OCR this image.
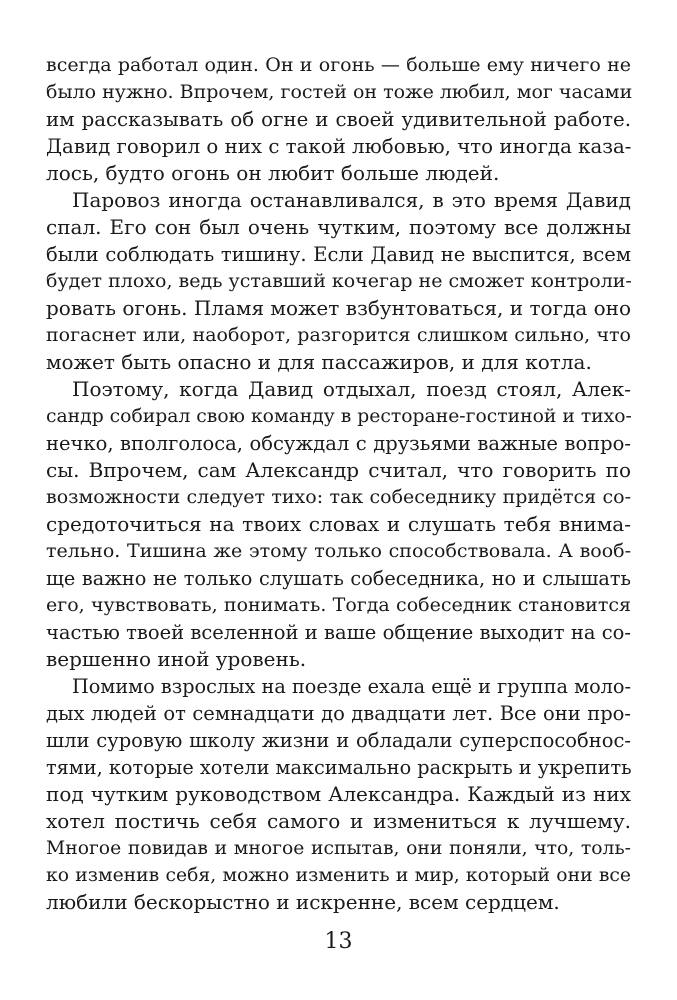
всегда работал один. Он и огонь — больше ему ничего не
было нужно. Впрочем, гостей он тоже любил, мог часами
им рассказывать об огне и своей удивительной работе.
Давид говорил о них с такой любовью, что иногда каза-
лось, будто огонь он любит больше людей.
Паровоз иногда останавливался, в это время Давид
спал. Его сон был очень чутким, поэтому все должны
были соблюдать тишину. Если Давид не выспится, всем
будет плохо, ведь уставший кочегар не сможет контроли-
ровать огонь. Пламя может взбунтоваться, и тогда оно
погаснет или, наоборот, разгорится слишком сильно, что
может быть опасно и для пассажиров, и для котла.
Поэтому, когда Давид отдыхал, поезд стоял, Алек-
сандр собирал свою команду в ресторане-гостиной и тихо-
нечко, вполголоса, обсуждал с друзьями важные вопро-
сы. Впрочем, сам Александр считал, что говорить по
возможности следует тихо: так собеседнику придётся со-
средоточиться на твоих словах и слушать тебя внима-
тельно. Тишина же этому только способствовала. А вооб-
ще важно не только слушать собеседника, но и слышать
его, чувствовать, понимать. Тогда собеседник становится
частью твоей вселенной и ваше общение выходит на со-
вершенно иной уровень.
Помимо взрослых на поезде ехала ещё и группа моло-
дых людей от семнадцати до двадцати лет. Все они про-
шли суровую школу жизни и обладали суперспособнос-
тями, которые хотели максимально раскрыть и укрепить
под чутким руководством Александра. Каждый из них
хотел постичь себя самого и измениться к лучшему.
Многое повидав и многое испытав, они поняли, что, толь-
ко изменив себя, можно изменить и мир, который они все
любили бескорыстно и искренне, всем сердцем.
13
